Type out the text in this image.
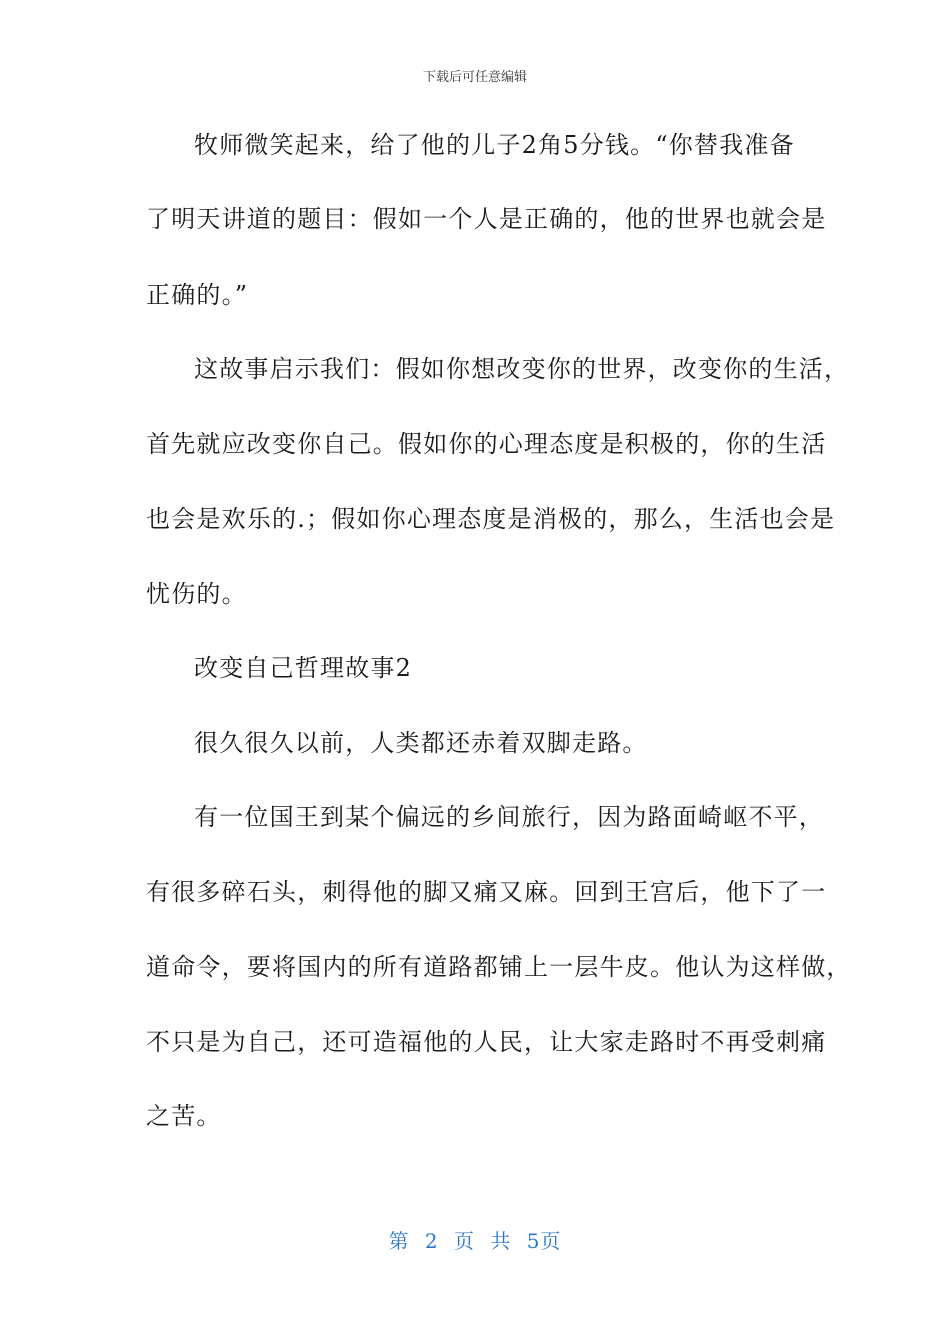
下载后可任意编辑
牧师微笑起来，给了他的儿子2角5分钱。“你替我准备
了明天讲道的题目：假如一个人是正确的，他的世界也就会是
正确的。”
这故事启示我们：假如你想改变你的世界，改变你的生活，
首先就应改变你自己。假如你的心理态度是积极的，你的生活
也会是欢乐的.；假如你心理态度是消极的，那么，生活也会是
忧伤的。
改变自己哲理故事2
很久很久以前，人类都还赤着双脚走路。
有一位国王到某个偏远的乡间旅行，因为路面崎岖不平，
有很多碎石头，刺得他的脚又痛又麻。回到王宫后，他下了一
道命令，要将国内的所有道路都铺上一层牛皮。他认为这样做，
不只是为自己，还可造福他的人民，让大家走路时不再受刺痛
之苦。
第 2 页 共 5页
